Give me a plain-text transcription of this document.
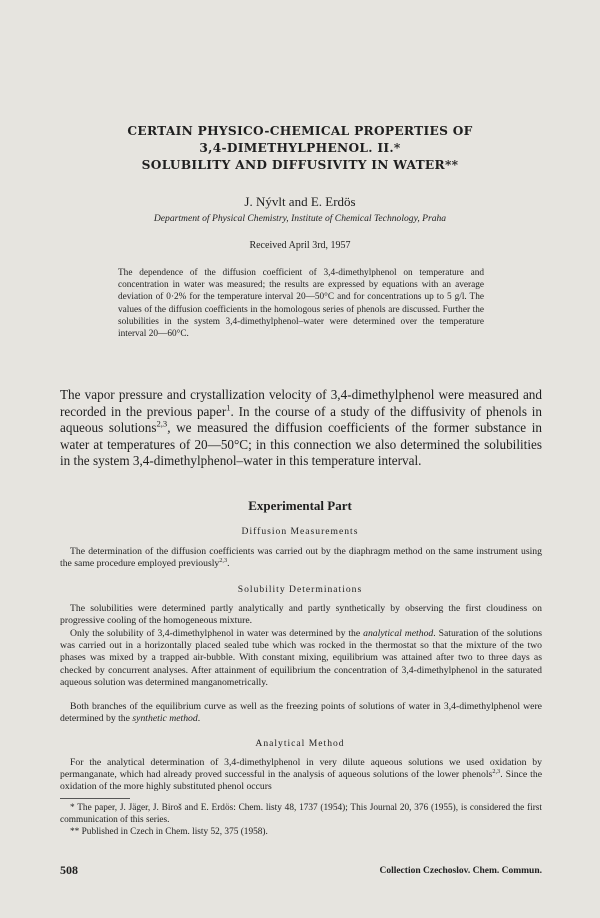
CERTAIN PHYSICO-CHEMICAL PROPERTIES OF
3,4-DIMETHYLPHENOL. II.*
SOLUBILITY AND DIFFUSIVITY IN WATER**
J. Nývlt and E. Erdös
Department of Physical Chemistry, Institute of Chemical Technology, Praha
Received April 3rd, 1957
The dependence of the diffusion coefficient of 3,4-dimethylphenol on temperature and concentration in water was measured; the results are expressed by equations with an average deviation of 0·2% for the temperature interval 20—50°C and for concentrations up to 5 g/l. The values of the diffusion coefficients in the homologous series of phenols are discussed. Further the solubilities in the system 3,4-dimethylphenol–water were determined over the temperature interval 20—60°C.
The vapor pressure and crystallization velocity of 3,4-dimethylphenol were measured and recorded in the previous paper$^1$. In the course of a study of the diffusivity of phenols in aqueous solutions$^{2,3}$, we measured the diffusion coefficients of the former substance in water at temperatures of 20—50°C; in this connection we also determined the solubilities in the system 3,4-dimethylphenol–water in this temperature interval.
Experimental Part
Diffusion Measurements
The determination of the diffusion coefficients was carried out by the diaphragm method on the same instrument using the same procedure employed previously$^{2,3}$.
Solubility Determinations
The solubilities were determined partly analytically and partly synthetically by observing the first cloudiness on progressive cooling of the homogeneous mixture.
Only the solubility of 3,4-dimethylphenol in water was determined by the analytical method. Saturation of the solutions was carried out in a horizontally placed sealed tube which was rocked in the thermostat so that the mixture of the two phases was mixed by a trapped air-bubble. With constant mixing, equilibrium was attained after two to three days as checked by concurrent analyses. After attainment of equilibrium the concentration of 3,4-dimethylphenol in the saturated aqueous solution was determined manganometrically.
Both branches of the equilibrium curve as well as the freezing points of solutions of water in 3,4-dimethylphenol were determined by the synthetic method.
Analytical Method
For the analytical determination of 3,4-dimethylphenol in very dilute aqueous solutions we used oxidation by permanganate, which had already proved successful in the analysis of aqueous solutions of the lower phenols$^{2,3}$. Since the oxidation of the more highly substituted phenol occurs
* The paper, J. Jäger, J. Biroš and E. Erdös: Chem. listy 48, 1737 (1954); This Journal 20, 376 (1955), is considered the first communication of this series.
** Published in Czech in Chem. listy 52, 375 (1958).
508	Collection Czechoslov. Chem. Commun.
